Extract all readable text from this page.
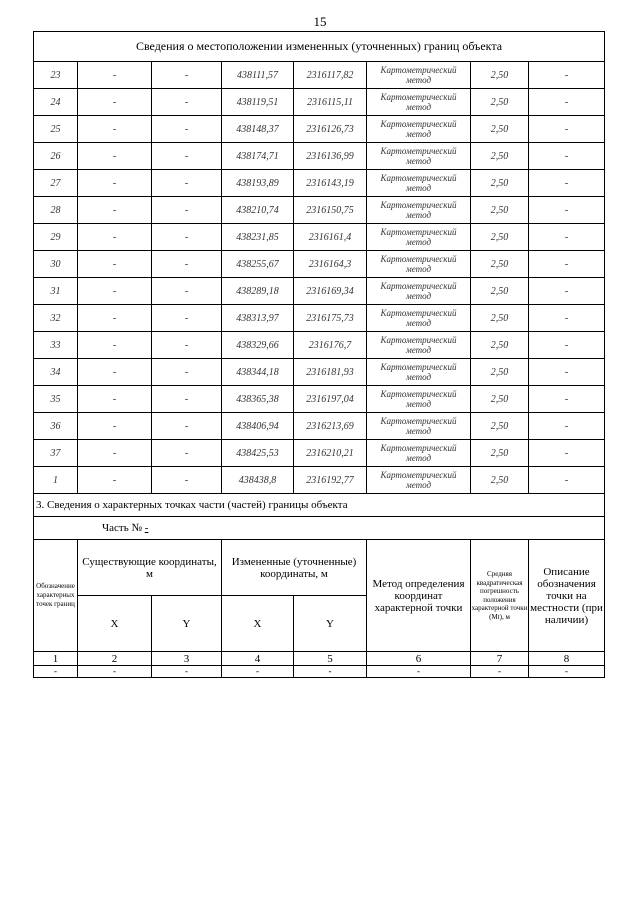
15
Сведения о местоположении измененных (уточненных) границ объекта							
23	-	-	438111,57	2316117,82	Картометрический метод	2,50	-
24	-	-	438119,51	2316115,11	Картометрический метод	2,50	-
25	-	-	438148,37	2316126,73	Картометрический метод	2,50	-
26	-	-	438174,71	2316136,99	Картометрический метод	2,50	-
27	-	-	438193,89	2316143,19	Картометрический метод	2,50	-
28	-	-	438210,74	2316150,75	Картометрический метод	2,50	-
29	-	-	438231,85	2316161,4	Картометрический метод	2,50	-
30	-	-	438255,67	2316164,3	Картометрический метод	2,50	-
31	-	-	438289,18	2316169,34	Картометрический метод	2,50	-
32	-	-	438313,97	2316175,73	Картометрический метод	2,50	-
33	-	-	438329,66	2316176,7	Картометрический метод	2,50	-
34	-	-	438344,18	2316181,93	Картометрический метод	2,50	-
35	-	-	438365,38	2316197,04	Картометрический метод	2,50	-
36	-	-	438406,94	2316213,69	Картометрический метод	2,50	-
37	-	-	438425,53	2316210,21	Картометрический метод	2,50	-
1	-	-	438438,8	2316192,77	Картометрический метод	2,50	-
3. Сведения о характерных точках части (частей) границы объекта							
Часть № -							
Обозначение характерных точек границ	Существующие координаты, м		Измененные (уточненные) координаты, м		Метод определения координат характерной точки	Средняя квадратическая погрешность положения характерной точки (Mt), м	Описание обозначения точки на местности (при наличии)
	X	Y	X	Y			
1	2	3	4	5	6	7	8
-	-	-	-	-	-	-	-
